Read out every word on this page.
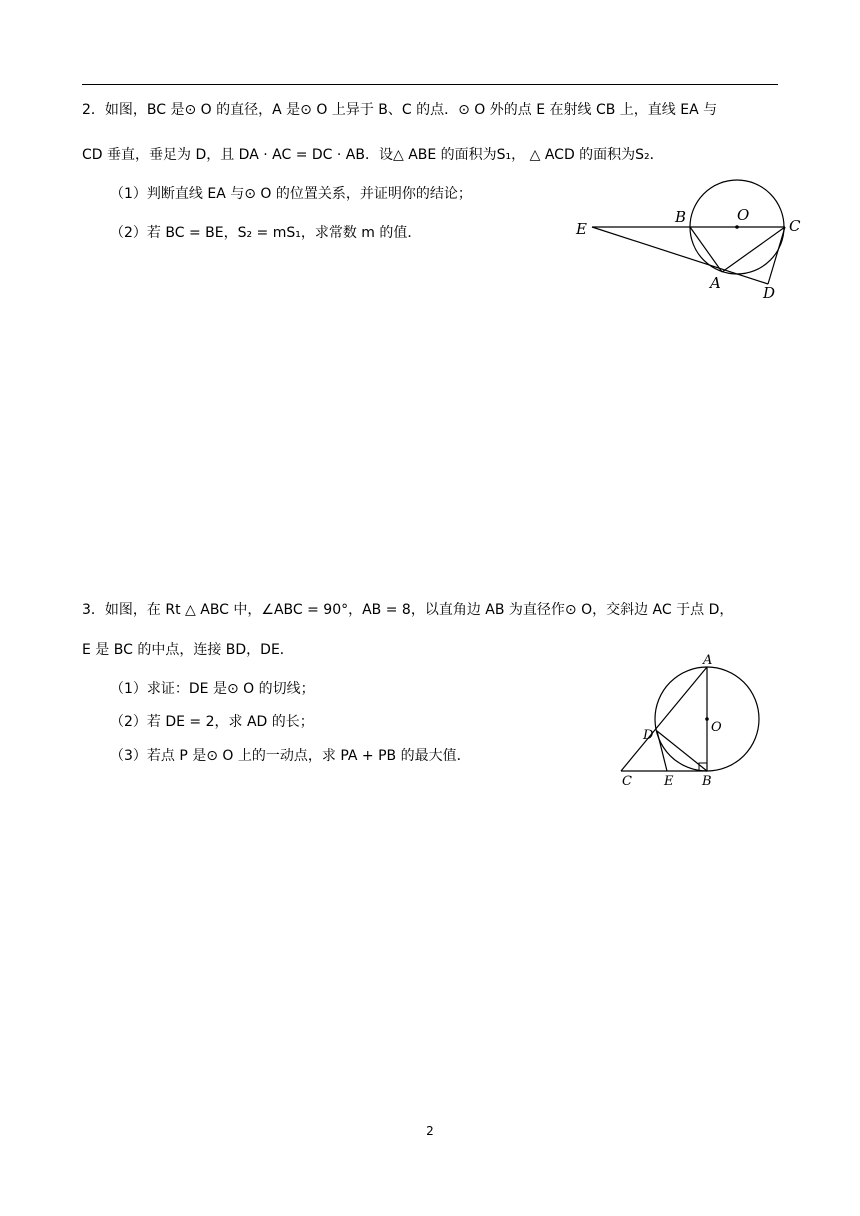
2．如图，BC 是⊙ O 的直径，A 是⊙ O 上异于 B、C 的点．⊙ O 外的点 E 在射线 CB 上，直线 EA 与
CD 垂直，垂足为 D，且 DA · AC = DC · AB．设△ ABE 的面积为S₁， △ ACD 的面积为S₂．
（1）判断直线 EA 与⊙ O 的位置关系，并证明你的结论；
（2）若 BC = BE，S₂ = mS₁，求常数 m 的值．	E
B	O
C
A
D
A
O
D
C E B
3．如图，在 Rt △ ABC 中，∠ABC = 90°，AB = 8，以直角边 AB 为直径作⊙ O，交斜边 AC 于点 D，
E 是 BC 的中点，连接 BD，DE．
（1）求证：DE 是⊙ O 的切线；
（2）若 DE = 2，求 AD 的长；
（3）若点 P 是⊙ O 上的一动点，求 PA + PB 的最大值．
2
